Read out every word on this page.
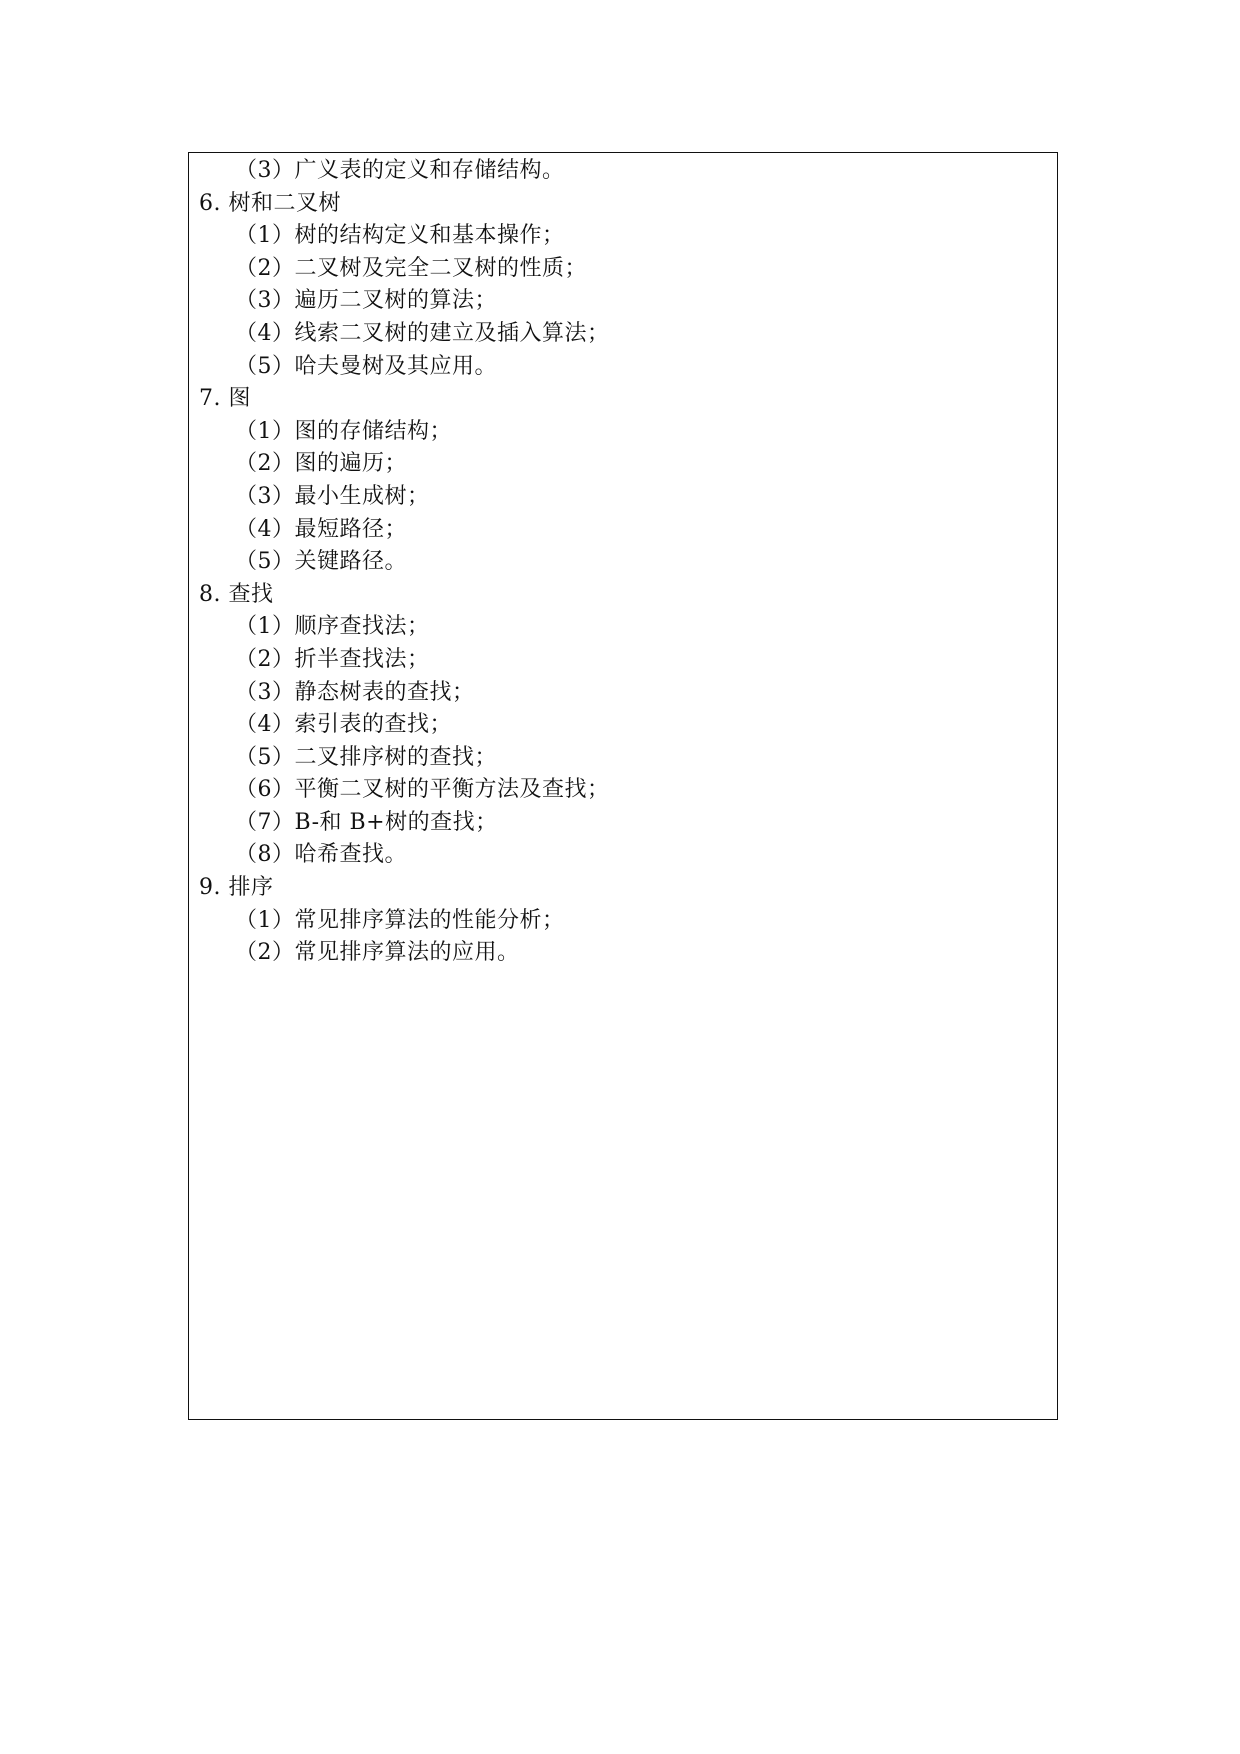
（3）广义表的定义和存储结构。
6. 树和二叉树
（1）树的结构定义和基本操作；
（2）二叉树及完全二叉树的性质；
（3）遍历二叉树的算法；
（4）线索二叉树的建立及插入算法；
（5）哈夫曼树及其应用。
7. 图
（1）图的存储结构；
（2）图的遍历；
（3）最小生成树；
（4）最短路径；
（5）关键路径。
8. 查找
（1）顺序查找法；
（2）折半查找法；
（3）静态树表的查找；
（4）索引表的查找；
（5）二叉排序树的查找；
（6）平衡二叉树的平衡方法及查找；
（7）B-和 B+树的查找；
（8）哈希查找。
9. 排序
（1）常见排序算法的性能分析；
（2）常见排序算法的应用。
